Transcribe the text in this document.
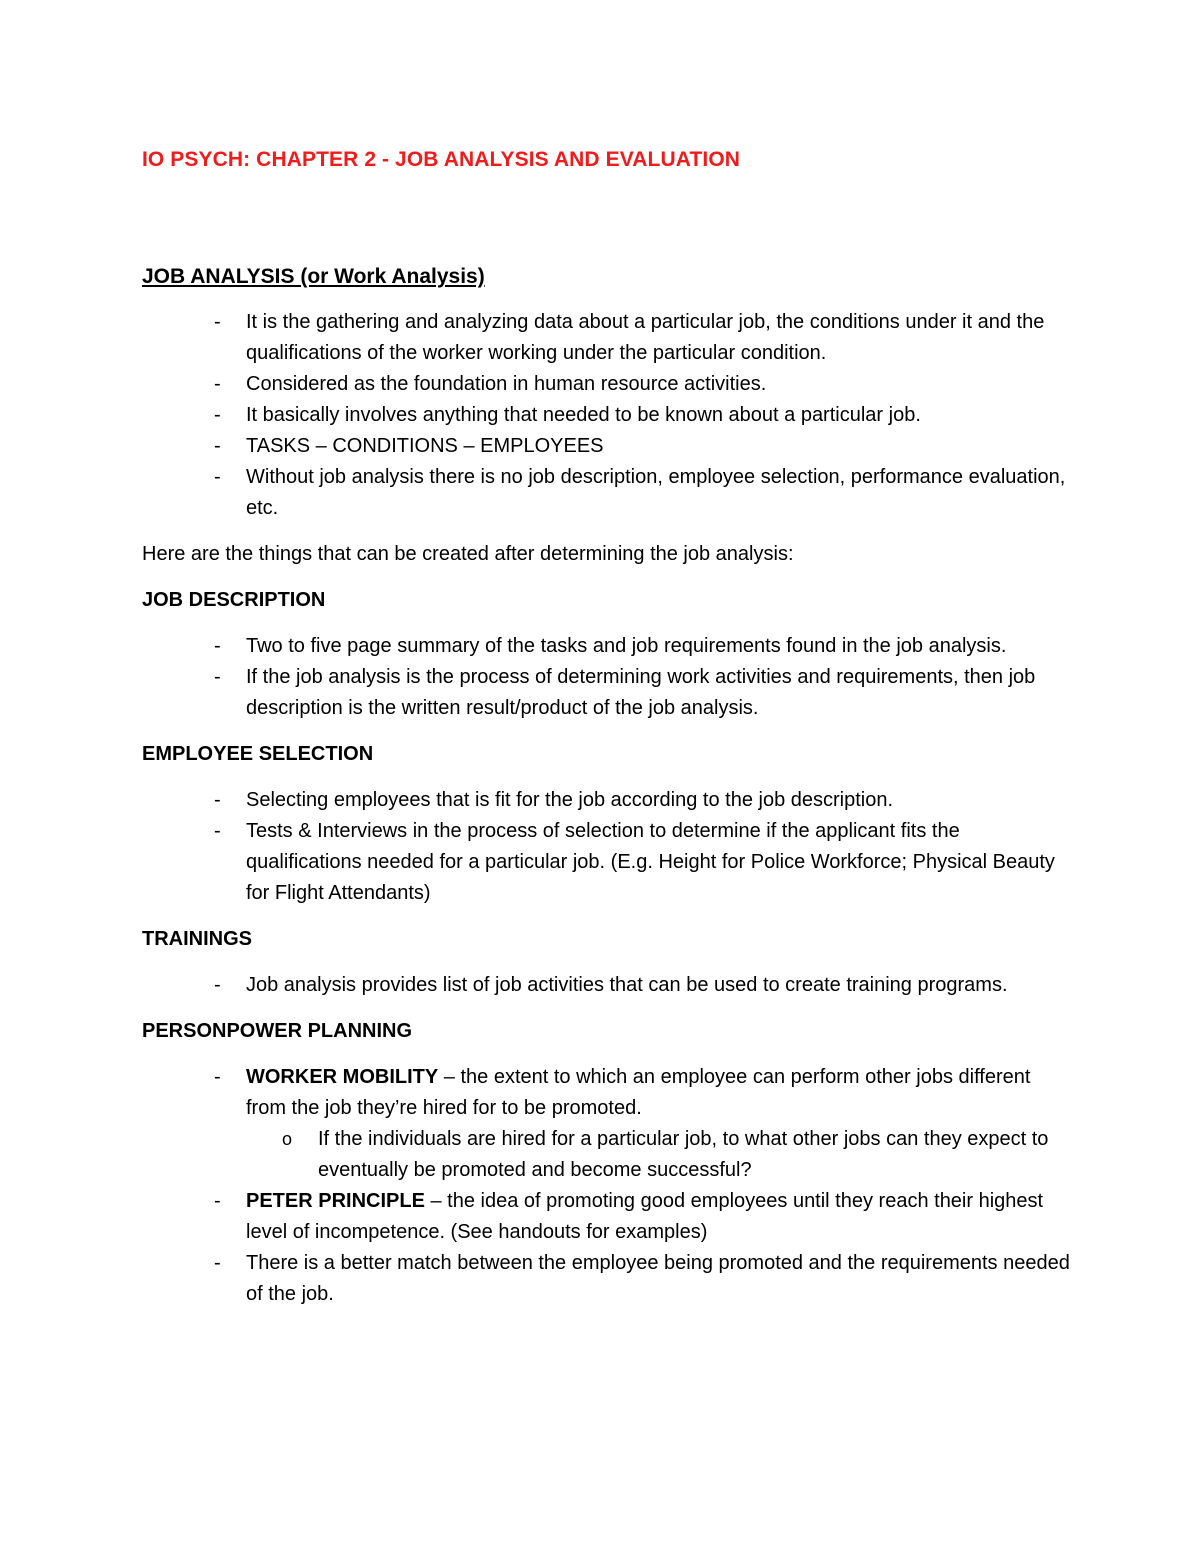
IO PSYCH: CHAPTER 2 - JOB ANALYSIS AND EVALUATION
JOB ANALYSIS (or Work Analysis)
- It is the gathering and analyzing data about a particular job, the conditions under it and the qualifications of the worker working under the particular condition.
- Considered as the foundation in human resource activities.
- It basically involves anything that needed to be known about a particular job.
- TASKS – CONDITIONS – EMPLOYEES
- Without job analysis there is no job description, employee selection, performance evaluation, etc.
Here are the things that can be created after determining the job analysis:
JOB DESCRIPTION
- Two to five page summary of the tasks and job requirements found in the job analysis.
- If the job analysis is the process of determining work activities and requirements, then job description is the written result/product of the job analysis.
EMPLOYEE SELECTION
- Selecting employees that is fit for the job according to the job description.
- Tests & Interviews in the process of selection to determine if the applicant fits the qualifications needed for a particular job. (E.g. Height for Police Workforce; Physical Beauty for Flight Attendants)
TRAININGS
- Job analysis provides list of job activities that can be used to create training programs.
PERSONPOWER PLANNING
- WORKER MOBILITY – the extent to which an employee can perform other jobs different from the job they’re hired for to be promoted.
o If the individuals are hired for a particular job, to what other jobs can they expect to eventually be promoted and become successful?
- PETER PRINCIPLE – the idea of promoting good employees until they reach their highest level of incompetence. (See handouts for examples)
- There is a better match between the employee being promoted and the requirements needed of the job.
